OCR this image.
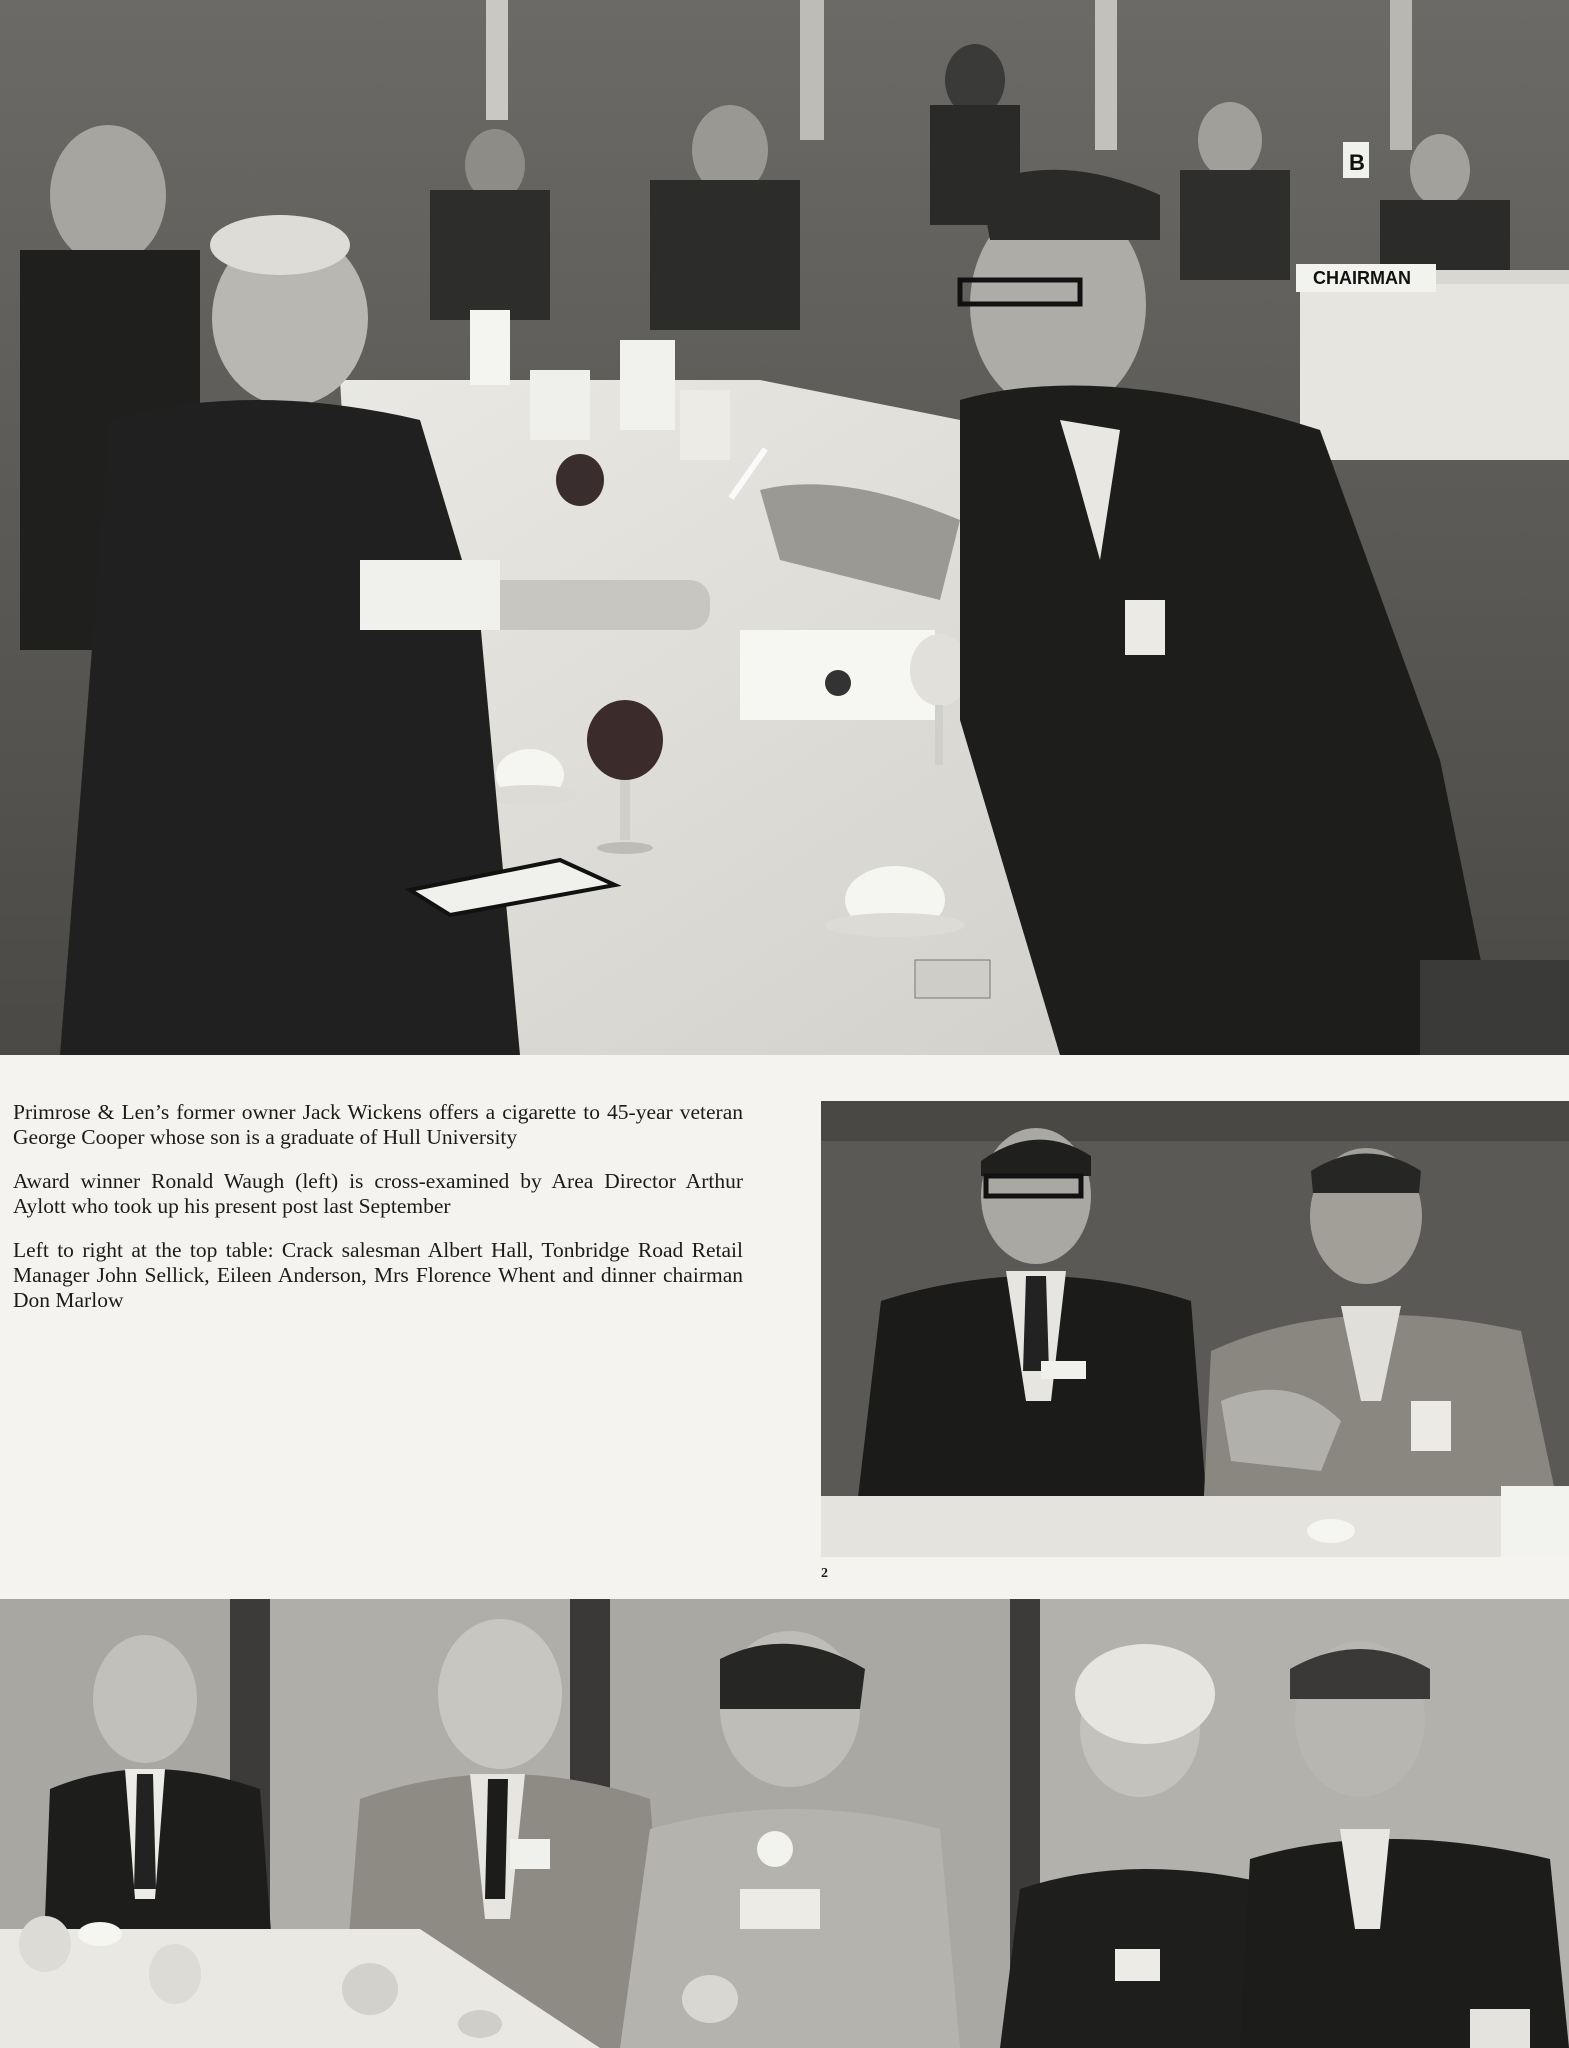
CHAIRMAN
B

Primrose & Len’s former owner Jack Wickens offers a cigarette to 45-year veteran George Cooper whose son is a graduate of Hull University

Award winner Ronald Waugh (left) is cross-examined by Area Director Arthur Aylott who took up his present post last September

Left to right at the top table: Crack salesman Albert Hall, Tonbridge Road Retail Manager John Sellick, Eileen Anderson, Mrs Florence Whent and dinner chairman Don Marlow

2
